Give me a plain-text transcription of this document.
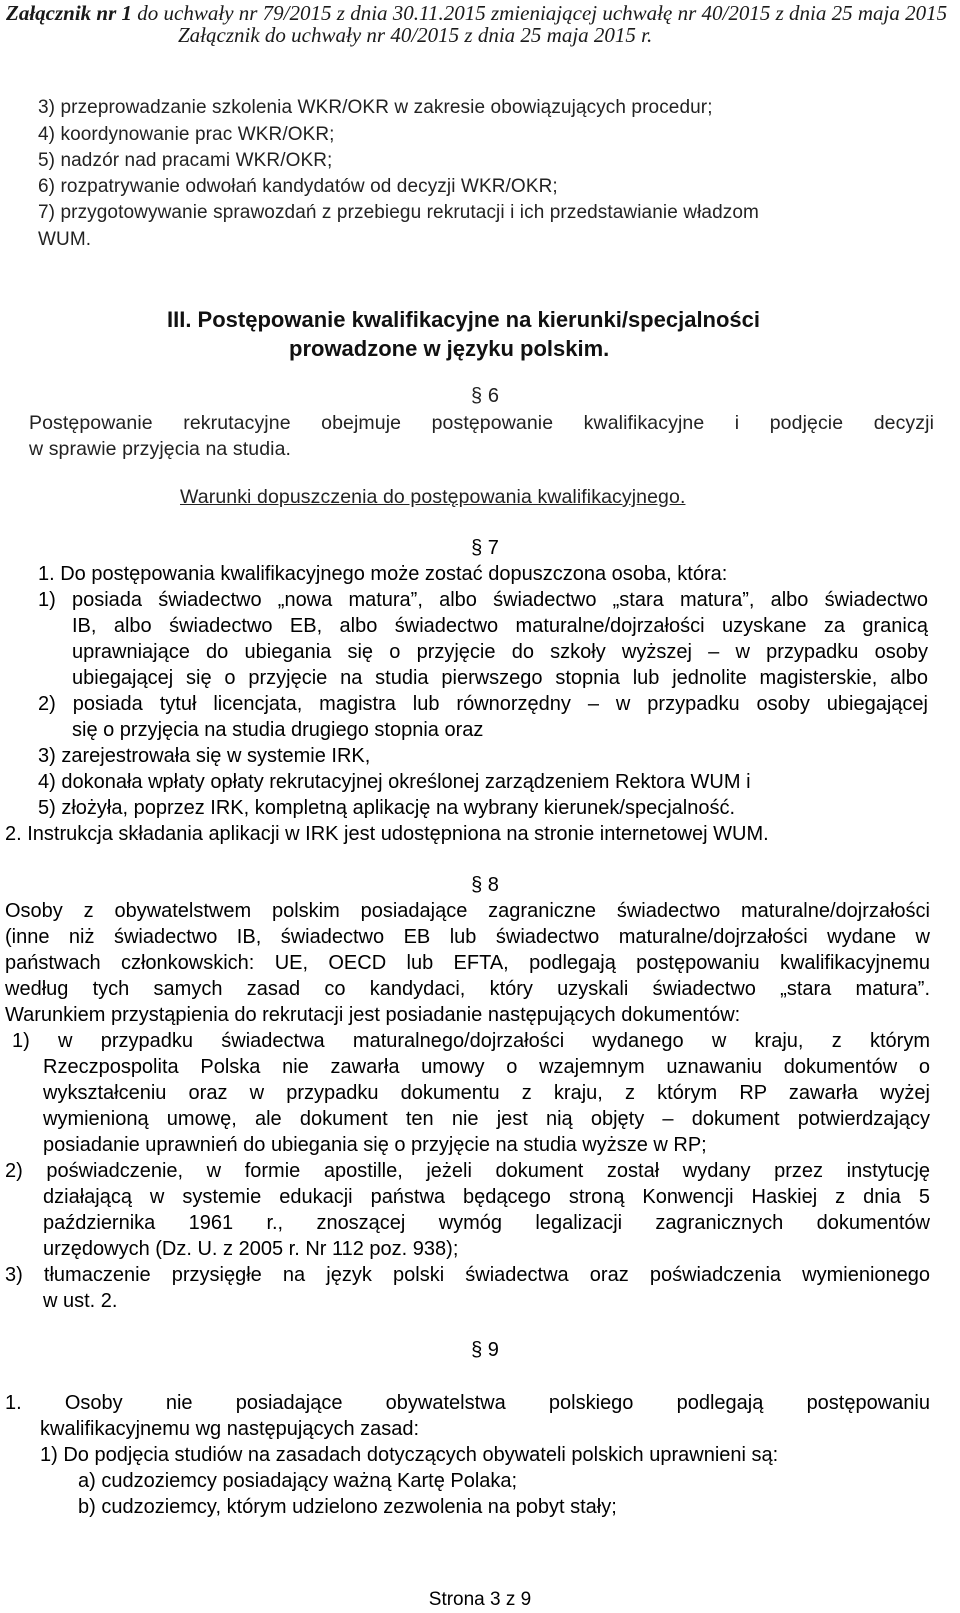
Załącznik nr 1 do uchwały nr 79/2015 z dnia 30.11.2015 zmieniającej uchwałę nr 40/2015 z dnia 25 maja 2015
Załącznik do uchwały nr 40/2015 z dnia 25 maja 2015 r.
3) przeprowadzanie szkolenia WKR/OKR w zakresie obowiązujących procedur;
4) koordynowanie prac WKR/OKR;
5) nadzór nad pracami WKR/OKR;
6) rozpatrywanie odwołań kandydatów od decyzji WKR/OKR;
7) przygotowywanie sprawozdań z przebiegu rekrutacji i ich przedstawianie władzom
WUM.
III. Postępowanie kwalifikacyjne na kierunki/specjalności
prowadzone w języku polskim.
§ 6
Postępowanie rekrutacyjne obejmuje postępowanie kwalifikacyjne i podjęcie decyzji
w sprawie przyjęcia na studia.
Warunki dopuszczenia do postępowania kwalifikacyjnego.
§ 7
1. Do postępowania kwalifikacyjnego może zostać dopuszczona osoba, która:
1) posiada świadectwo „nowa matura”, albo świadectwo „stara matura”, albo świadectwo
IB, albo świadectwo EB, albo świadectwo maturalne/dojrzałości uzyskane za granicą
uprawniające do ubiegania się o przyjęcie do szkoły wyższej – w przypadku osoby
ubiegającej się o przyjęcie na studia pierwszego stopnia lub jednolite magisterskie, albo
2) posiada tytuł licencjata, magistra lub równorzędny – w przypadku osoby ubiegającej
się o przyjęcia na studia drugiego stopnia oraz
3) zarejestrowała się w systemie IRK,
4) dokonała wpłaty opłaty rekrutacyjnej określonej zarządzeniem Rektora WUM i
5) złożyła, poprzez IRK, kompletną aplikację na wybrany kierunek/specjalność.
2. Instrukcja składania aplikacji w IRK jest udostępniona na stronie internetowej WUM.
§ 8
Osoby z obywatelstwem polskim posiadające zagraniczne świadectwo maturalne/dojrzałości
(inne niż świadectwo IB, świadectwo EB lub świadectwo maturalne/dojrzałości wydane w
państwach członkowskich: UE, OECD lub EFTA, podlegają postępowaniu kwalifikacyjnemu
według tych samych zasad co kandydaci, który uzyskali świadectwo „stara matura”.
Warunkiem przystąpienia do rekrutacji jest posiadanie następujących dokumentów:
1) w przypadku świadectwa maturalnego/dojrzałości wydanego w kraju, z którym
Rzeczpospolita Polska nie zawarła umowy o wzajemnym uznawaniu dokumentów o
wykształceniu oraz w przypadku dokumentu z kraju, z którym RP zawarła wyżej
wymienioną umowę, ale dokument ten nie jest nią objęty – dokument potwierdzający
posiadanie uprawnień do ubiegania się o przyjęcie na studia wyższe w RP;
2) poświadczenie, w formie apostille, jeżeli dokument został wydany przez instytucję
działającą w systemie edukacji państwa będącego stroną Konwencji Haskiej z dnia 5
października 1961 r., znoszącej wymóg legalizacji zagranicznych dokumentów
urzędowych (Dz. U. z 2005 r. Nr 112 poz. 938);
3) tłumaczenie przysięgłe na język polski świadectwa oraz poświadczenia wymienionego
w ust. 2.
§ 9
1. Osoby nie posiadające obywatelstwa polskiego podlegają postępowaniu
kwalifikacyjnemu wg następujących zasad:
1) Do podjęcia studiów na zasadach dotyczących obywateli polskich uprawnieni są:
a) cudzoziemcy posiadający ważną Kartę Polaka;
b) cudzoziemcy, którym udzielono zezwolenia na pobyt stały;
Strona 3 z 9
